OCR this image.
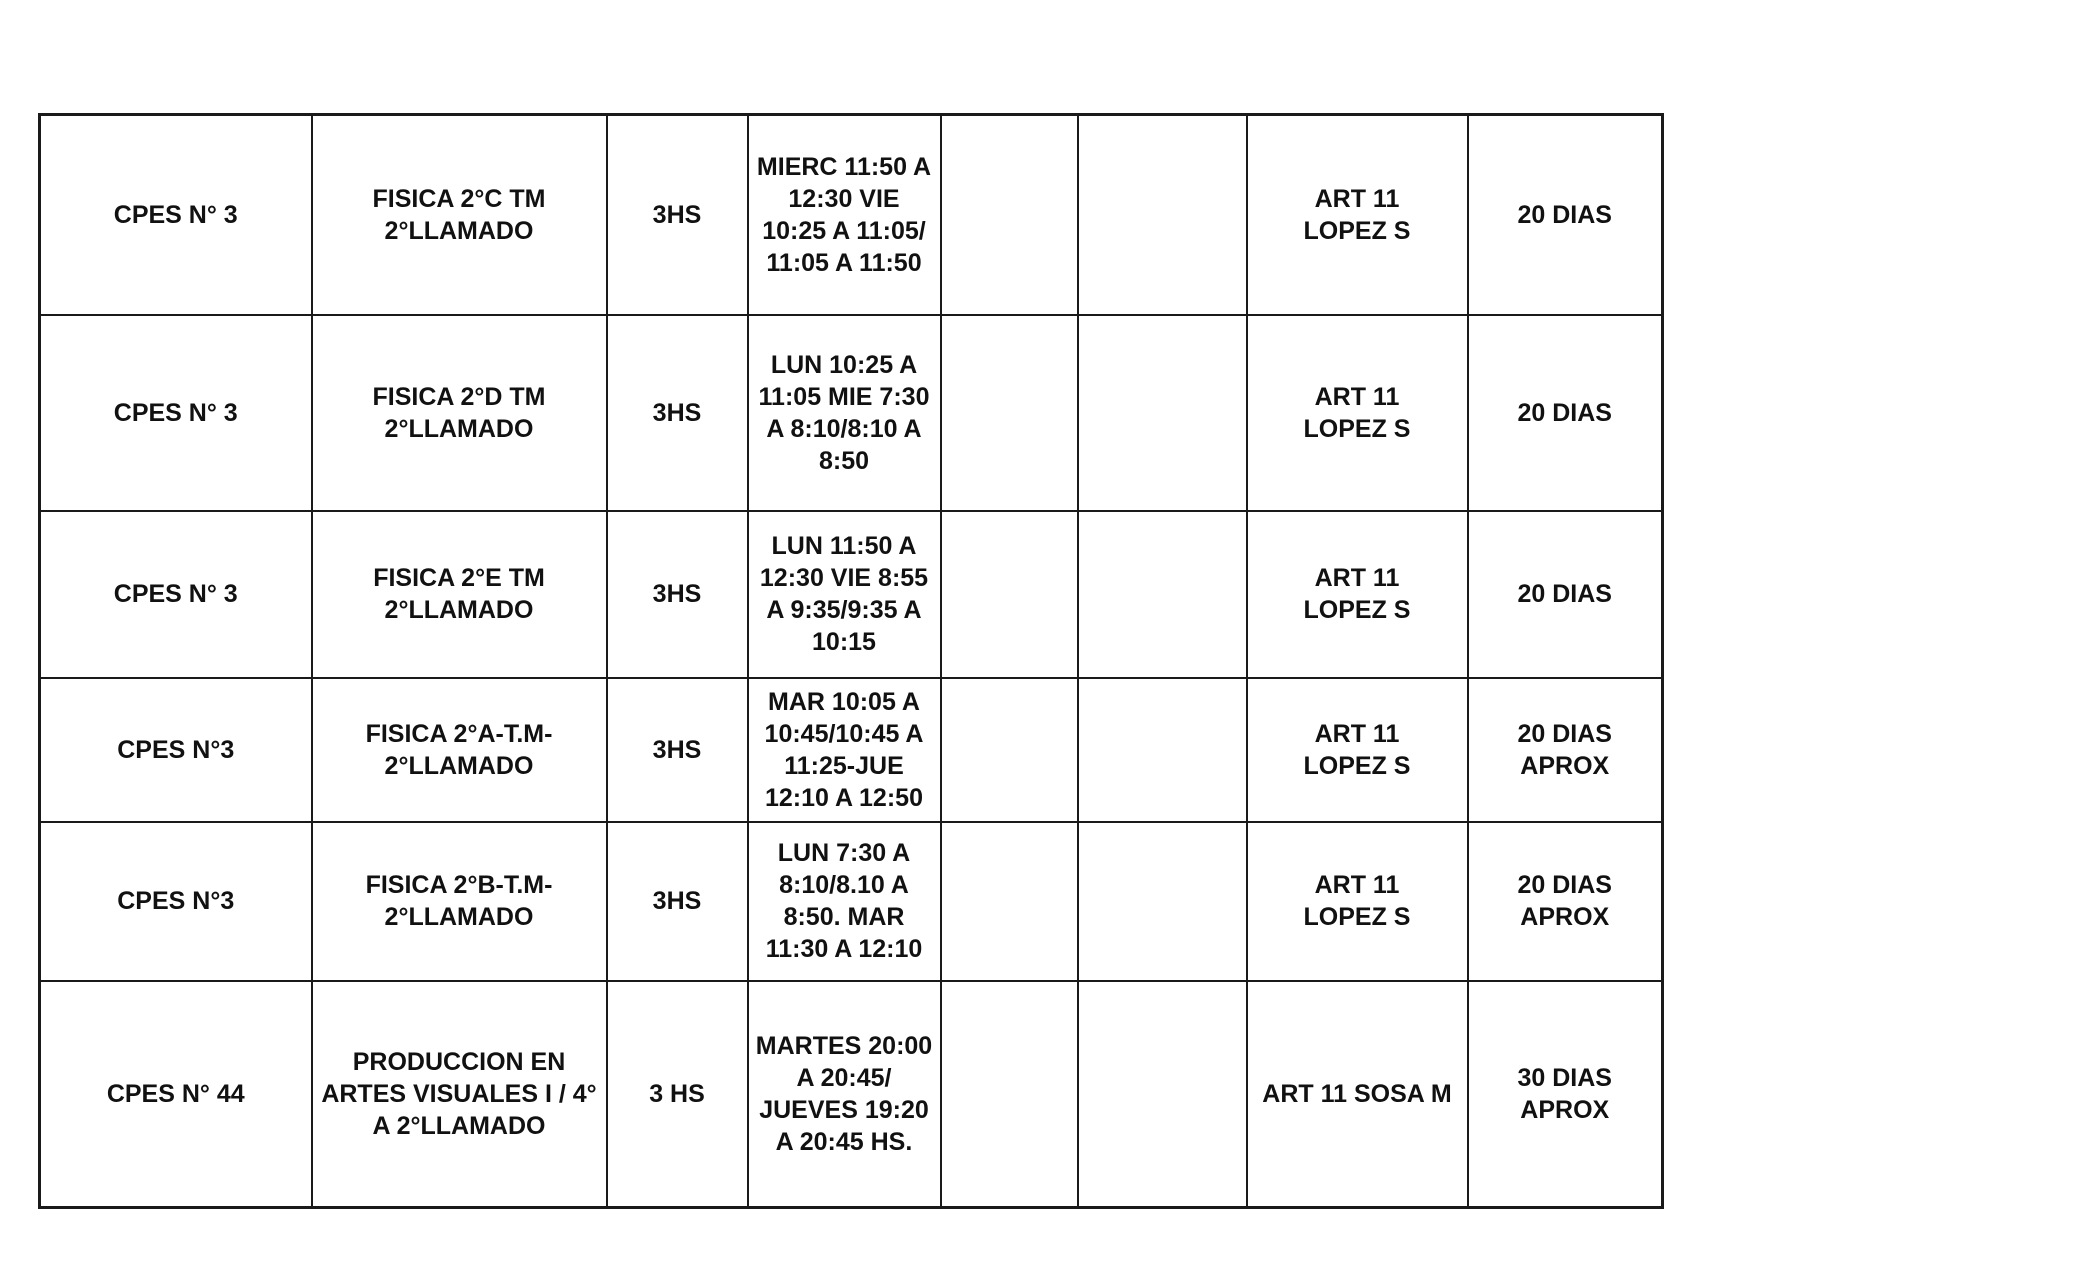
CPES N° 3	FISICA 2°C TM
2°LLAMADO	3HS	MIERC 11:50 A
12:30 VIE
10:25 A 11:05/
11:05 A 11:50			ART 11
LOPEZ S	20 DIAS
CPES N° 3	FISICA 2°D TM
2°LLAMADO	3HS	LUN 10:25 A
11:05 MIE 7:30
A 8:10/8:10 A
8:50			ART 11
LOPEZ S	20 DIAS
CPES N° 3	FISICA 2°E TM
2°LLAMADO	3HS	LUN 11:50 A
12:30 VIE 8:55
A 9:35/9:35 A
10:15			ART 11
LOPEZ S	20 DIAS
CPES N°3	FISICA 2°A-T.M-
2°LLAMADO	3HS	MAR 10:05 A
10:45/10:45 A
11:25-JUE
12:10 A 12:50			ART 11
LOPEZ S	20 DIAS
APROX
CPES N°3	FISICA 2°B-T.M-
2°LLAMADO	3HS	LUN 7:30 A
8:10/8.10 A
8:50. MAR
11:30 A 12:10			ART 11
LOPEZ S	20 DIAS
APROX
CPES N° 44	PRODUCCION EN
ARTES VISUALES I / 4°
A 2°LLAMADO	3 HS	MARTES 20:00
A 20:45/
JUEVES 19:20
A 20:45 HS.			ART 11 SOSA M	30 DIAS
APROX
